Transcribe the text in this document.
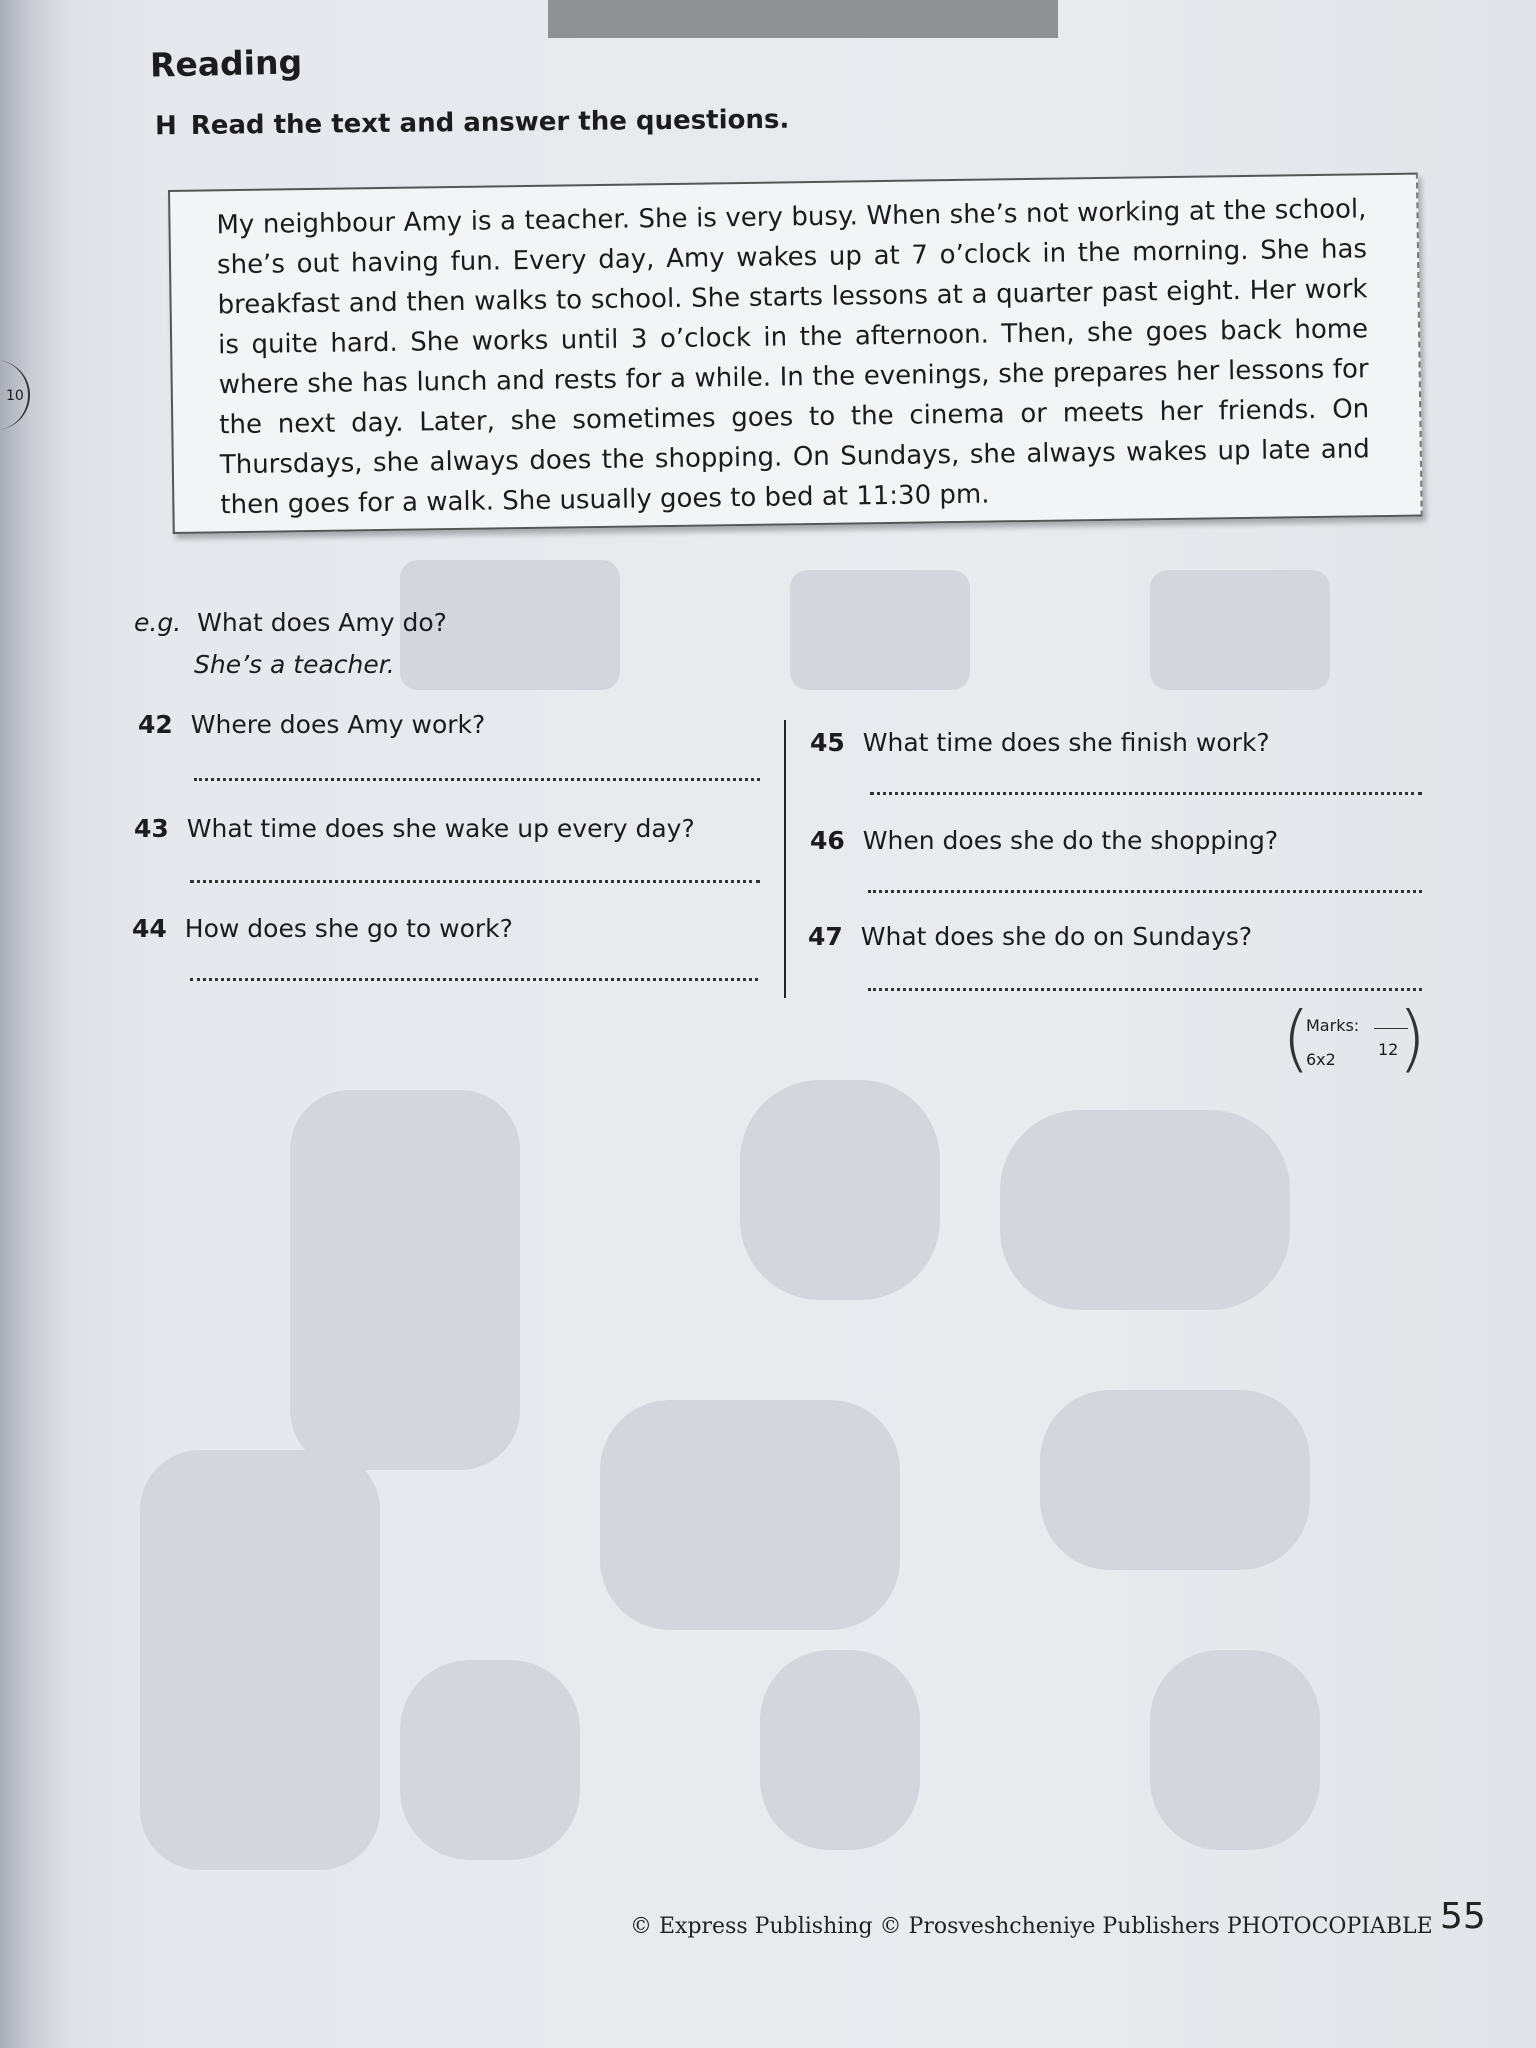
10
Reading
H Read the text and answer the questions.

My neighbour Amy is a teacher. She is very busy. When she’s not working at the school, she’s out having fun. Every day, Amy wakes up at 7 o’clock in the morning. She has breakfast and then walks to school. She starts lessons at a quarter past eight. Her work is quite hard. She works until 3 o’clock in the afternoon. Then, she goes back home where she has lunch and rests for a while. In the evenings, she prepares her lessons for the next day. Later, she sometimes goes to the cinema or meets her friends. On Thursdays, she always does the shopping. On Sundays, she always wakes up late and then goes for a walk. She usually goes to bed at 11:30 pm.

e.g. What does Amy do?
She’s a teacher.
42 Where does Amy work?
43 What time does she wake up every day?
44 How does she go to work?
45 What time does she finish work?
46 When does she do the shopping?
47 What does she do on Sundays?
(
Marks:
6x2
12 )
© Express Publishing © Prosveshcheniye Publishers PHOTOCOPIABLE 55
